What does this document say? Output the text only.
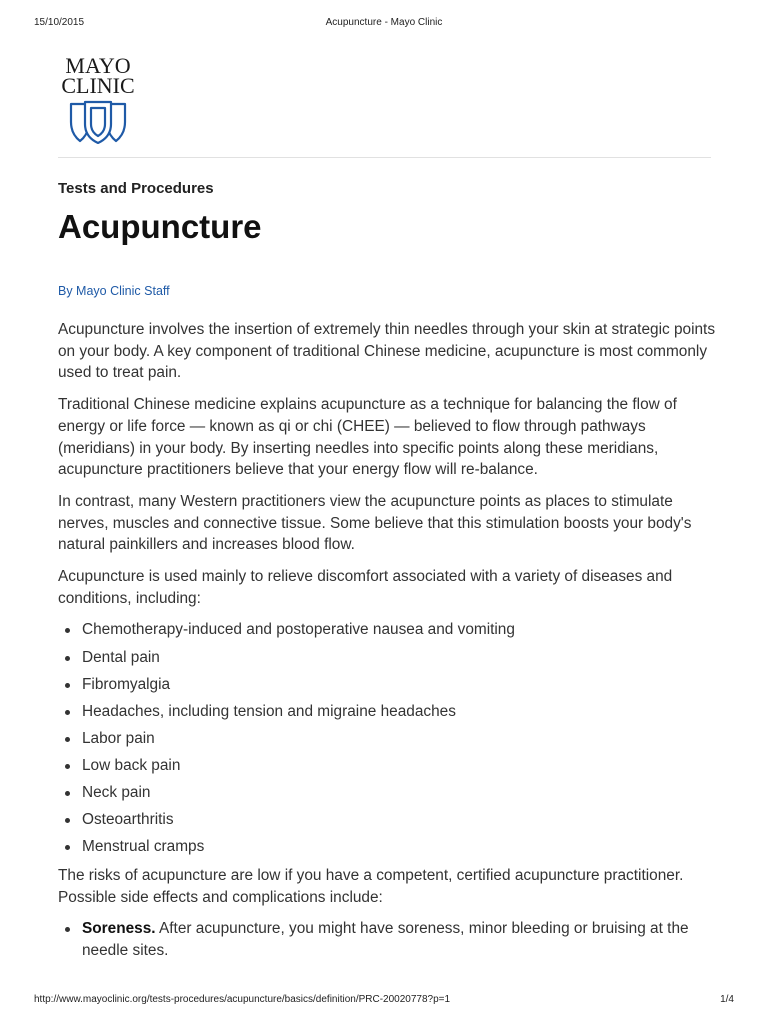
15/10/2015	Acupuncture - Mayo Clinic
MAYO
CLINIC
Tests and Procedures
Acupuncture
By Mayo Clinic Staff

Acupuncture involves the insertion of extremely thin needles through your skin at strategic points on your body. A key component of traditional Chinese medicine, acupuncture is most commonly used to treat pain.

Traditional Chinese medicine explains acupuncture as a technique for balancing the flow of energy or life force — known as qi or chi (CHEE) — believed to flow through pathways (meridians) in your body. By inserting needles into specific points along these meridians, acupuncture practitioners believe that your energy flow will re-balance.

In contrast, many Western practitioners view the acupuncture points as places to stimulate nerves, muscles and connective tissue. Some believe that this stimulation boosts your body's natural painkillers and increases blood flow.

Acupuncture is used mainly to relieve discomfort associated with a variety of diseases and conditions, including:

Chemotherapy-induced and postoperative nausea and vomiting
Dental pain
Fibromyalgia
Headaches, including tension and migraine headaches
Labor pain
Low back pain
Neck pain
Osteoarthritis
Menstrual cramps

The risks of acupuncture are low if you have a competent, certified acupuncture practitioner. Possible side effects and complications include:

Soreness. After acupuncture, you might have soreness, minor bleeding or bruising at the needle sites.
http://www.mayoclinic.org/tests-procedures/acupuncture/basics/definition/PRC-20020778?p=1	1/4
